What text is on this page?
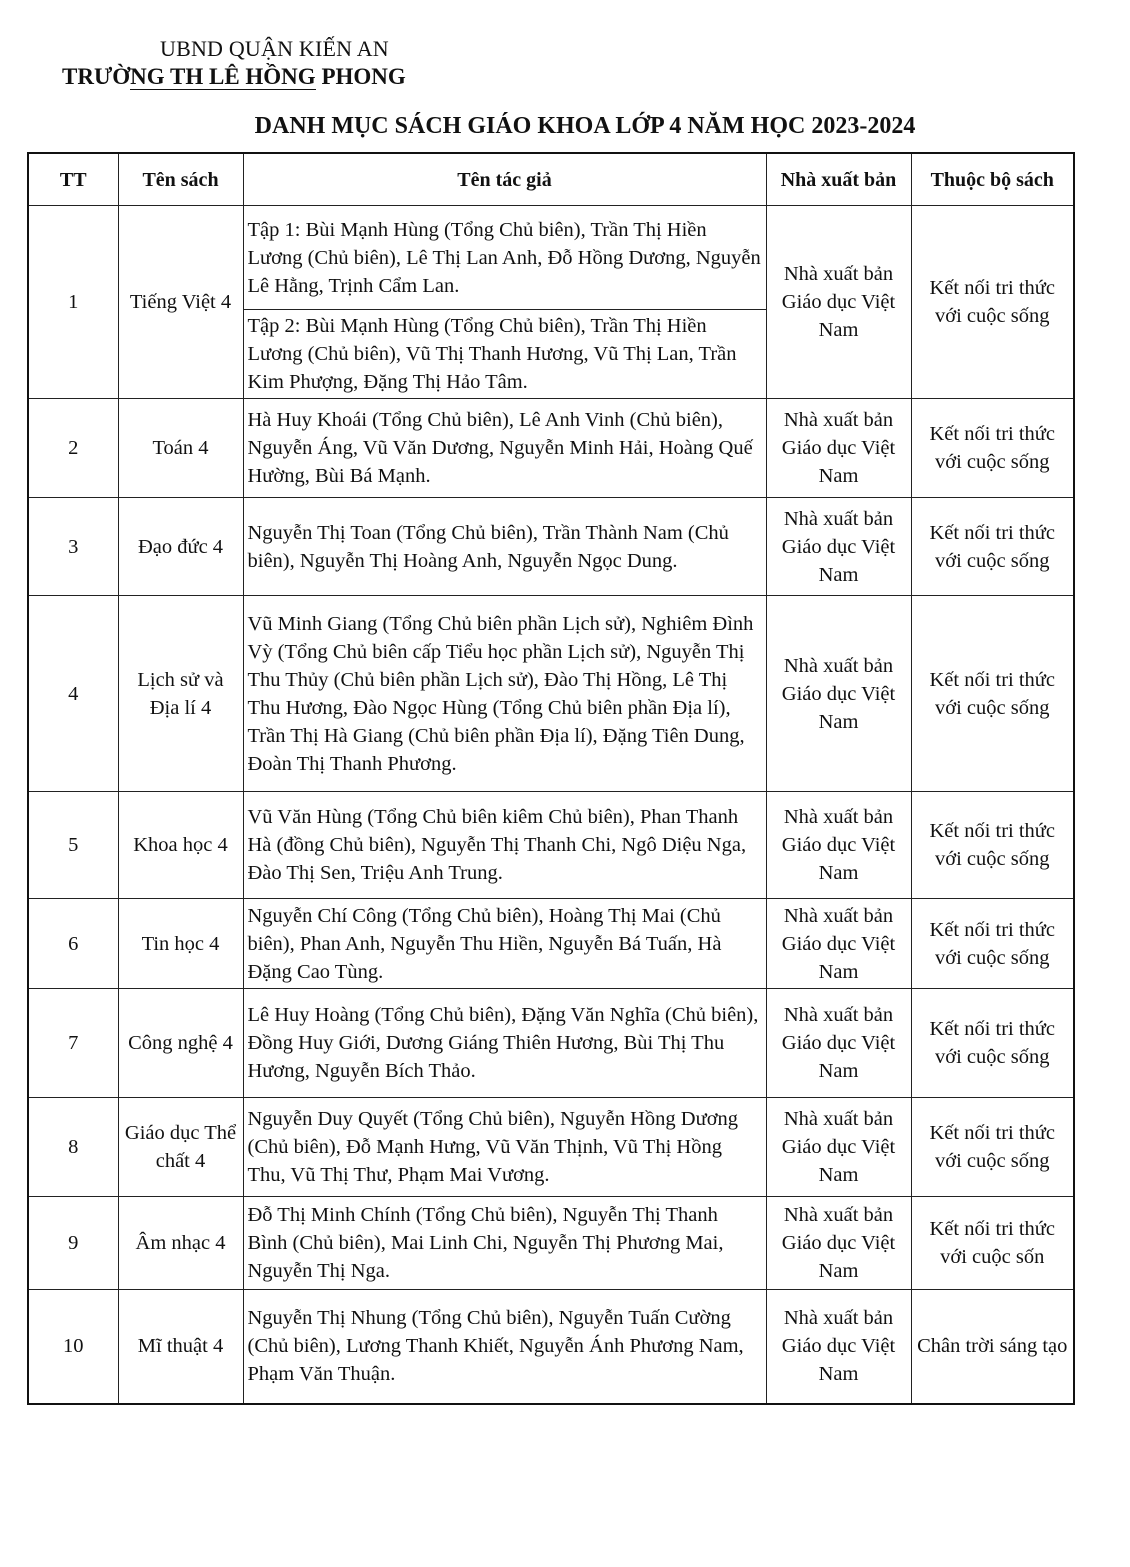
UBND QUẬN KIẾN AN
TRƯỜNG TH LÊ HỒNG PHONG
DANH MỤC SÁCH GIÁO KHOA LỚP 4 NĂM HỌC 2023-2024
TT	Tên sách	Tên tác giả	Nhà xuất bản	Thuộc bộ sách
1	Tiếng Việt 4	Tập 1: Bùi Mạnh Hùng (Tổng Chủ biên), Trần Thị Hiền Lương (Chủ biên), Lê Thị Lan Anh, Đỗ Hồng Dương, Nguyễn Lê Hằng, Trịnh Cẩm Lan.	Nhà xuất bản Giáo dục Việt Nam	Kết nối tri thức với cuộc sống
		Tập 2: Bùi Mạnh Hùng (Tổng Chủ biên), Trần Thị Hiền Lương (Chủ biên), Vũ Thị Thanh Hương, Vũ Thị Lan, Trần Kim Phượng, Đặng Thị Hảo Tâm.		
2	Toán 4	Hà Huy Khoái (Tổng Chủ biên), Lê Anh Vinh (Chủ biên), Nguyễn Áng, Vũ Văn Dương, Nguyễn Minh Hải, Hoàng Quế Hường, Bùi Bá Mạnh.	Nhà xuất bản Giáo dục Việt Nam	Kết nối tri thức với cuộc sống
3	Đạo đức 4	Nguyễn Thị Toan (Tổng Chủ biên), Trần Thành Nam (Chủ biên), Nguyễn Thị Hoàng Anh, Nguyễn Ngọc Dung.	Nhà xuất bản Giáo dục Việt Nam	Kết nối tri thức với cuộc sống
4	Lịch sử và Địa lí 4	Vũ Minh Giang (Tổng Chủ biên phần Lịch sử), Nghiêm Đình Vỳ (Tổng Chủ biên cấp Tiểu học phần Lịch sử), Nguyễn Thị Thu Thủy (Chủ biên phần Lịch sử), Đào Thị Hồng, Lê Thị Thu Hương, Đào Ngọc Hùng (Tổng Chủ biên phần Địa lí), Trần Thị Hà Giang (Chủ biên phần Địa lí), Đặng Tiên Dung, Đoàn Thị Thanh Phương.	Nhà xuất bản Giáo dục Việt Nam	Kết nối tri thức với cuộc sống
5	Khoa học 4	Vũ Văn Hùng (Tổng Chủ biên kiêm Chủ biên), Phan Thanh Hà (đồng Chủ biên), Nguyễn Thị Thanh Chi, Ngô Diệu Nga, Đào Thị Sen, Triệu Anh Trung.	Nhà xuất bản Giáo dục Việt Nam	Kết nối tri thức với cuộc sống
6	Tin học 4	Nguyễn Chí Công (Tổng Chủ biên), Hoàng Thị Mai (Chủ biên), Phan Anh, Nguyễn Thu Hiền, Nguyễn Bá Tuấn, Hà Đặng Cao Tùng.	Nhà xuất bản Giáo dục Việt Nam	Kết nối tri thức với cuộc sống
7	Công nghệ 4	Lê Huy Hoàng (Tổng Chủ biên), Đặng Văn Nghĩa (Chủ biên), Đồng Huy Giới, Dương Giáng Thiên Hương, Bùi Thị Thu Hương, Nguyễn Bích Thảo.	Nhà xuất bản Giáo dục Việt Nam	Kết nối tri thức với cuộc sống
8	Giáo dục Thể chất 4	Nguyễn Duy Quyết (Tổng Chủ biên), Nguyễn Hồng Dương (Chủ biên), Đỗ Mạnh Hưng, Vũ Văn Thịnh, Vũ Thị Hồng Thu, Vũ Thị Thư, Phạm Mai Vương.	Nhà xuất bản Giáo dục Việt Nam	Kết nối tri thức với cuộc sống
9	Âm nhạc 4	Đỗ Thị Minh Chính (Tổng Chủ biên), Nguyễn Thị Thanh Bình (Chủ biên), Mai Linh Chi, Nguyễn Thị Phương Mai, Nguyễn Thị Nga.	Nhà xuất bản Giáo dục Việt Nam	Kết nối tri thức với cuộc sốn
10	Mĩ thuật 4	Nguyễn Thị Nhung (Tổng Chủ biên), Nguyễn Tuấn Cường (Chủ biên), Lương Thanh Khiết, Nguyễn Ánh Phương Nam, Phạm Văn Thuận.	Nhà xuất bản Giáo dục Việt Nam	Chân trời sáng tạo
